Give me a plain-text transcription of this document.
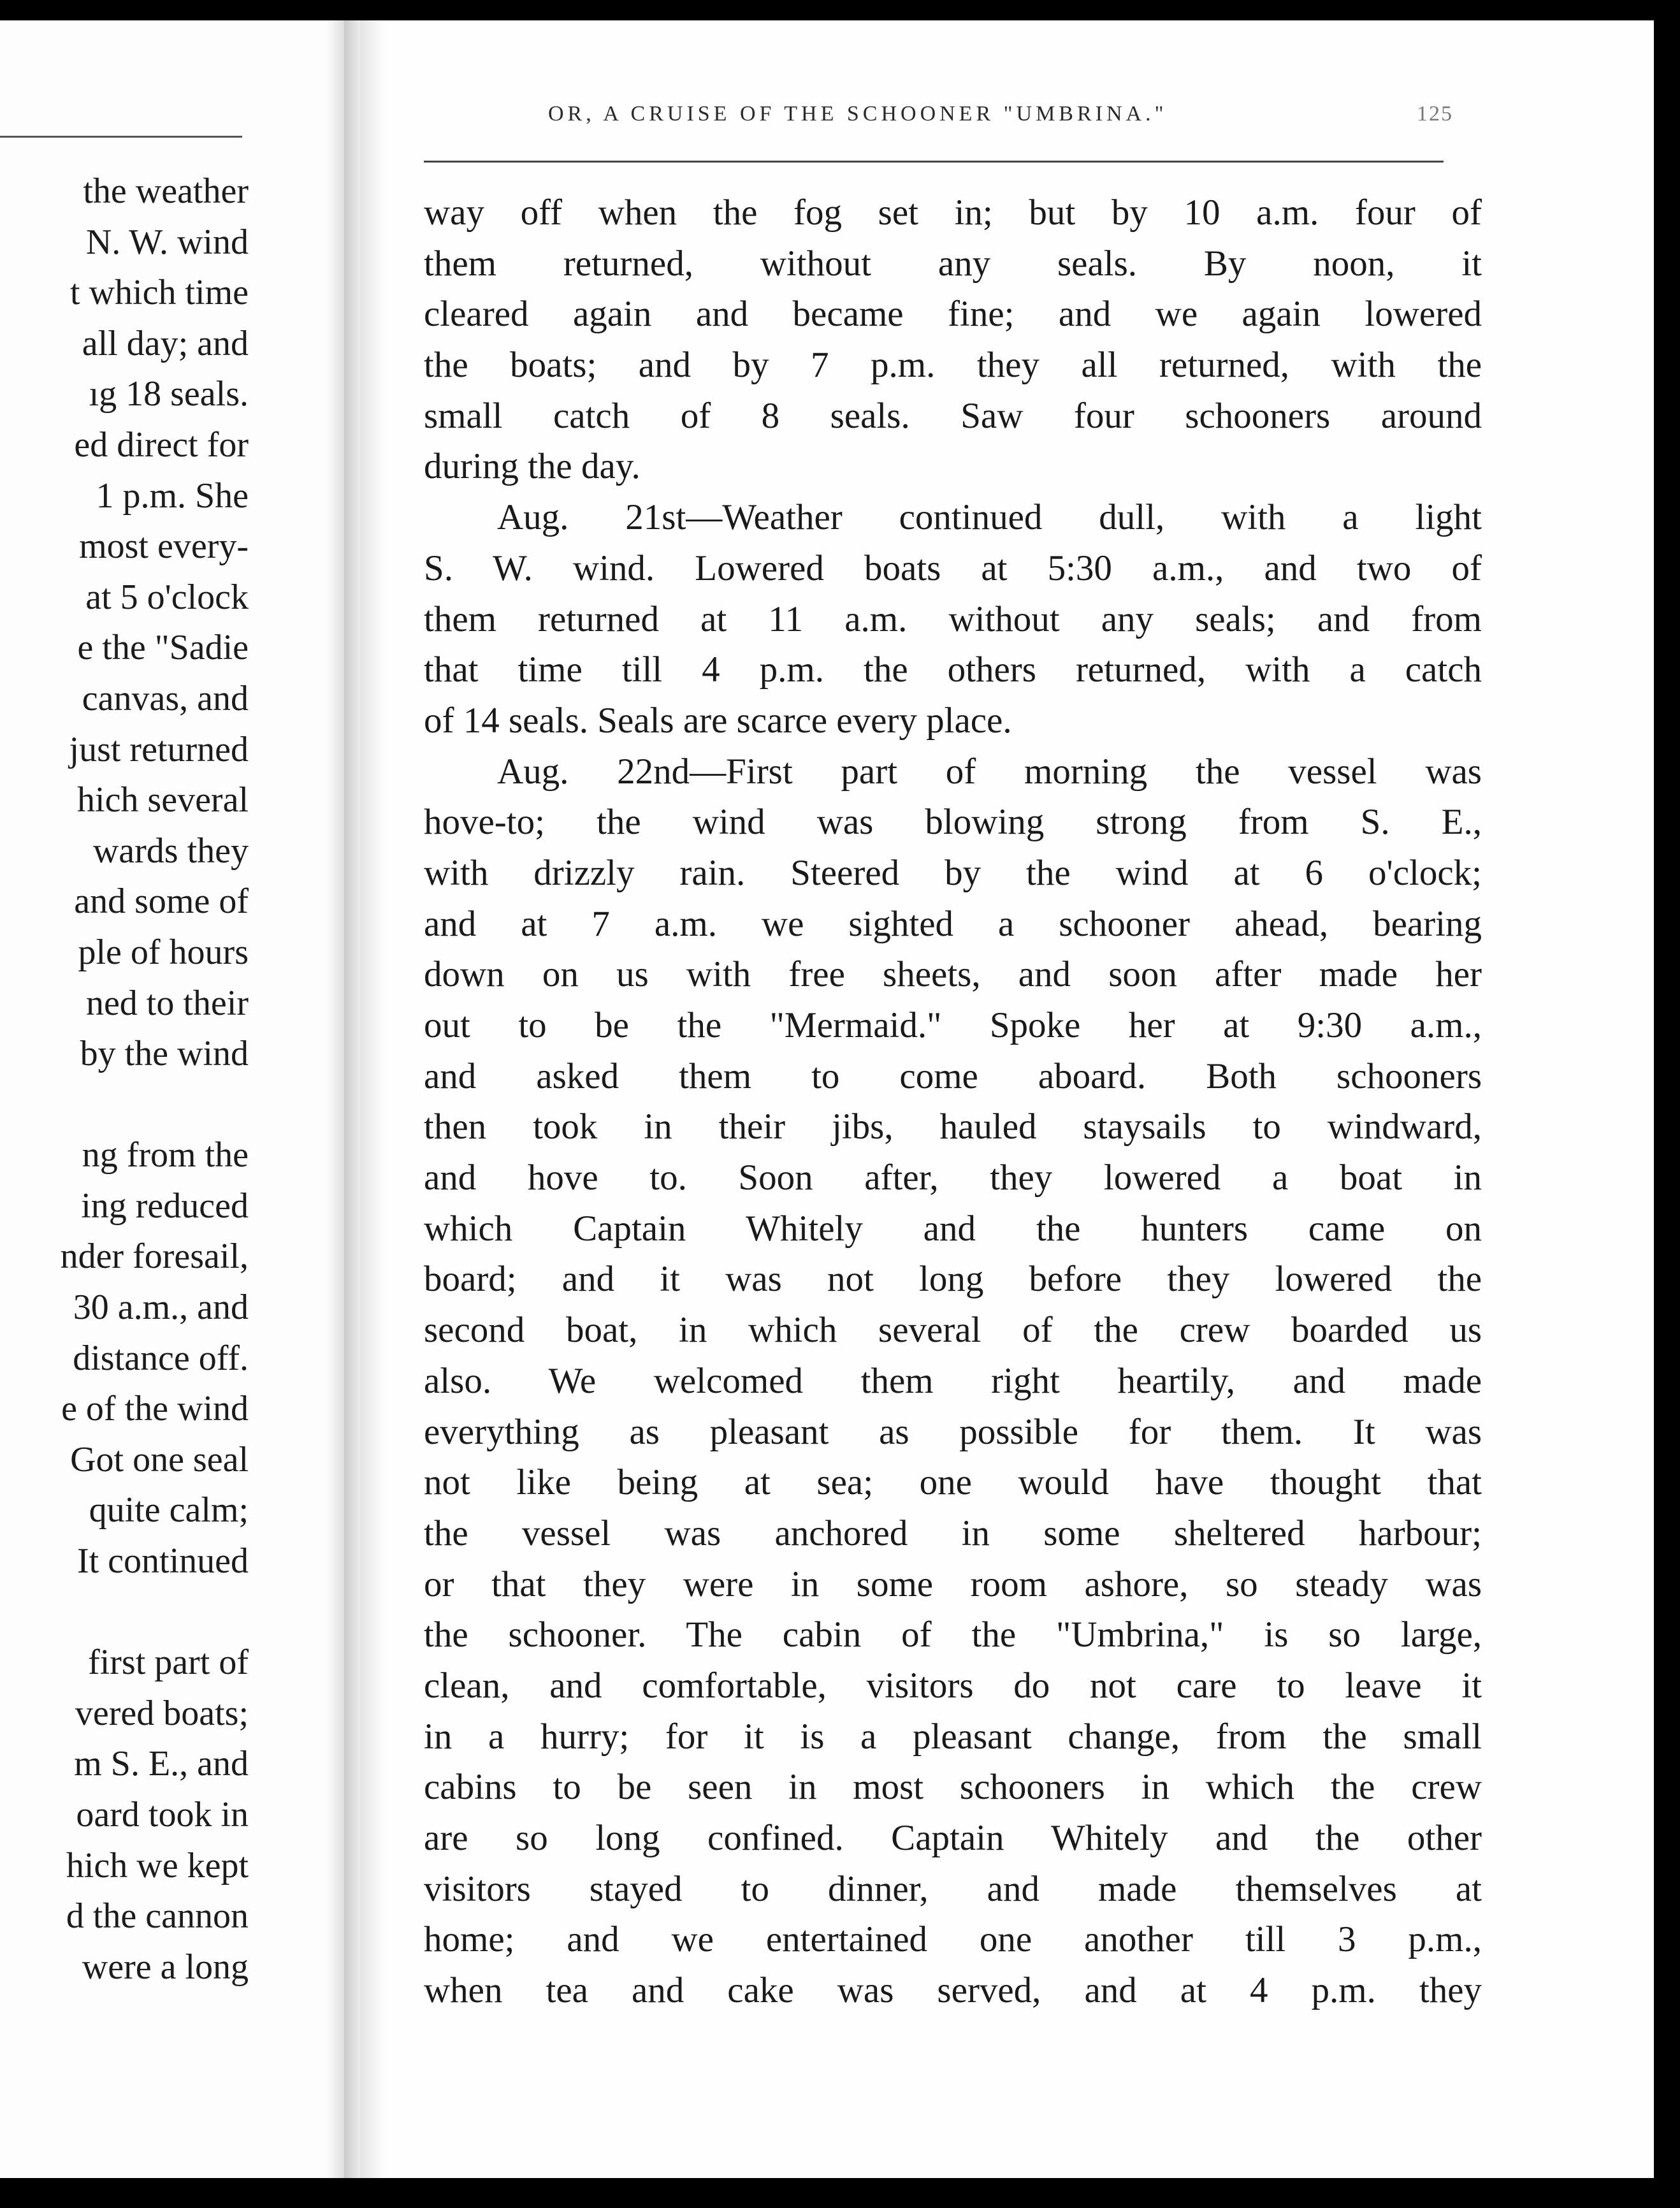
the weather
N. W. wind
t which time
all day; and
ıg 18 seals.
ed direct for
1 p.m. She
most every-
at 5 o'clock
e the "Sadie
canvas, and
just returned
hich several
wards they
and some of
ple of hours
ned to their
by the wind
ng from the
ing reduced
nder foresail,
30 a.m., and
distance off.
e of the wind
Got one seal
quite calm;
It continued
first part of
vered boats;
m S. E., and
oard took in
hich we kept
d the cannon
were a long
OR, A CRUISE OF THE SCHOONER "UMBRINA."	125
way off when the fog set in; but by 10 a.m. four of
them returned, without any seals. By noon, it
cleared again and became fine; and we again lowered
the boats; and by 7 p.m. they all returned, with the
small catch of 8 seals. Saw four schooners around
during the day.
Aug. 21st—Weather continued dull, with a light
S. W. wind. Lowered boats at 5:30 a.m., and two of
them returned at 11 a.m. without any seals; and from
that time till 4 p.m. the others returned, with a catch
of 14 seals. Seals are scarce every place.
Aug. 22nd—First part of morning the vessel was
hove-to; the wind was blowing strong from S. E.,
with drizzly rain. Steered by the wind at 6 o'clock;
and at 7 a.m. we sighted a schooner ahead, bearing
down on us with free sheets, and soon after made her
out to be the "Mermaid." Spoke her at 9:30 a.m.,
and asked them to come aboard. Both schooners
then took in their jibs, hauled staysails to windward,
and hove to. Soon after, they lowered a boat in
which Captain Whitely and the hunters came on
board; and it was not long before they lowered the
second boat, in which several of the crew boarded us
also. We welcomed them right heartily, and made
everything as pleasant as possible for them. It was
not like being at sea; one would have thought that
the vessel was anchored in some sheltered harbour;
or that they were in some room ashore, so steady was
the schooner. The cabin of the "Umbrina," is so large,
clean, and comfortable, visitors do not care to leave it
in a hurry; for it is a pleasant change, from the small
cabins to be seen in most schooners in which the crew
are so long confined. Captain Whitely and the other
visitors stayed to dinner, and made themselves at
home; and we entertained one another till 3 p.m.,
when tea and cake was served, and at 4 p.m. they
